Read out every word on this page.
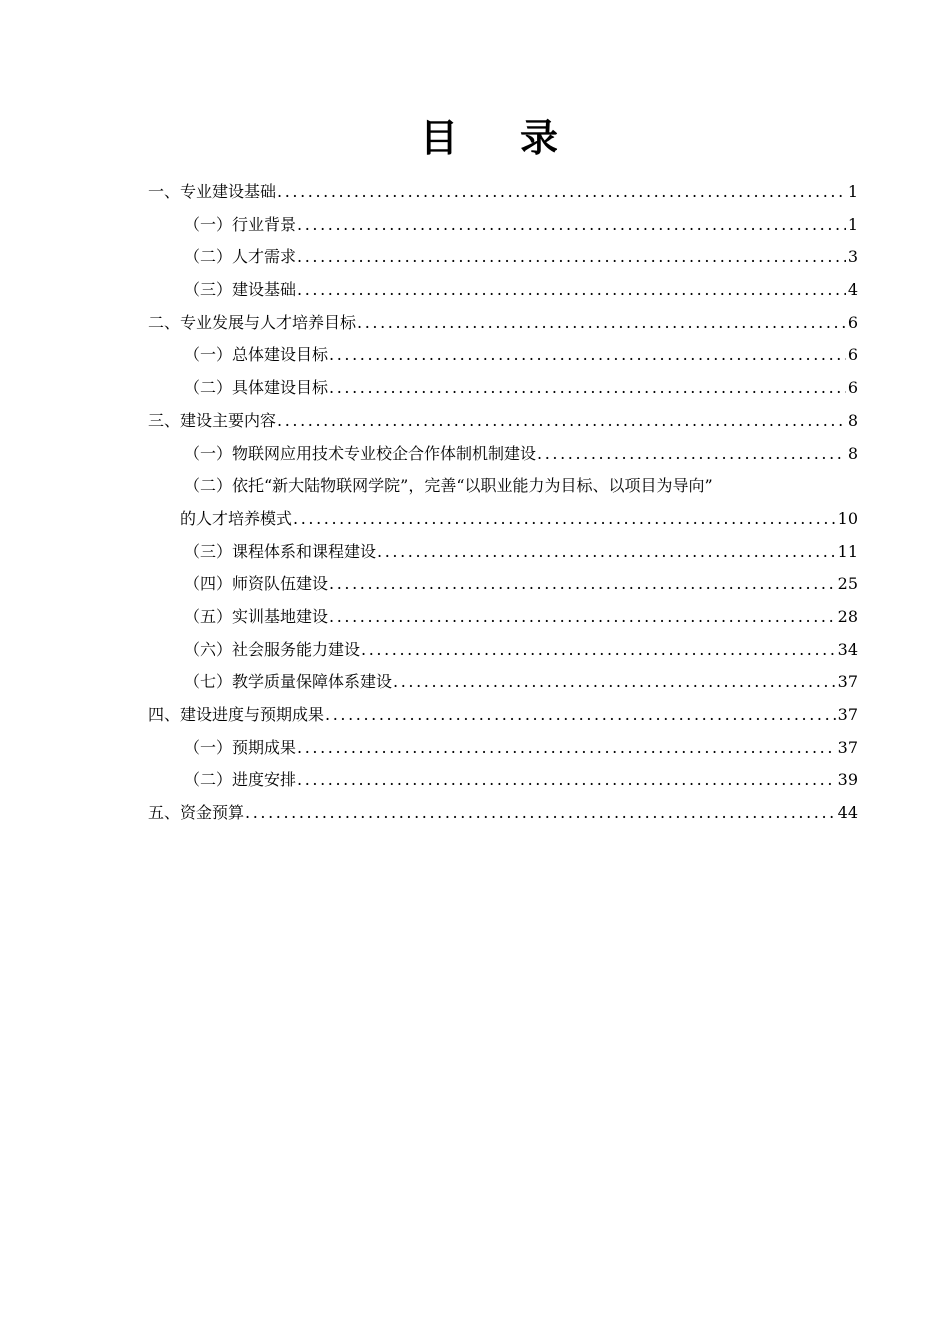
目 录
一、专业建设基础 .....	1
（一）行业背景 .....	1
（二）人才需求 .....	3
（三）建设基础 .....	4
二、专业发展与人才培养目标 .....	6
（一）总体建设目标 .....	6
（二）具体建设目标 .....	6
三、建设主要内容 .....	8
（一）物联网应用技术专业校企合作体制机制建设 .....	8
（二）依托“新大陆物联网学院”，完善“以职业能力为目标、以项目为导向”
的人才培养模式 .....	10
（三）课程体系和课程建设 .....	11
（四）师资队伍建设 .....	25
（五）实训基地建设 .....	28
（六）社会服务能力建设 .....	34
（七）教学质量保障体系建设 .....	37
四、建设进度与预期成果 .....	37
（一）预期成果 .....	37
（二）进度安排 .....	39
五、资金预算 .....	44
